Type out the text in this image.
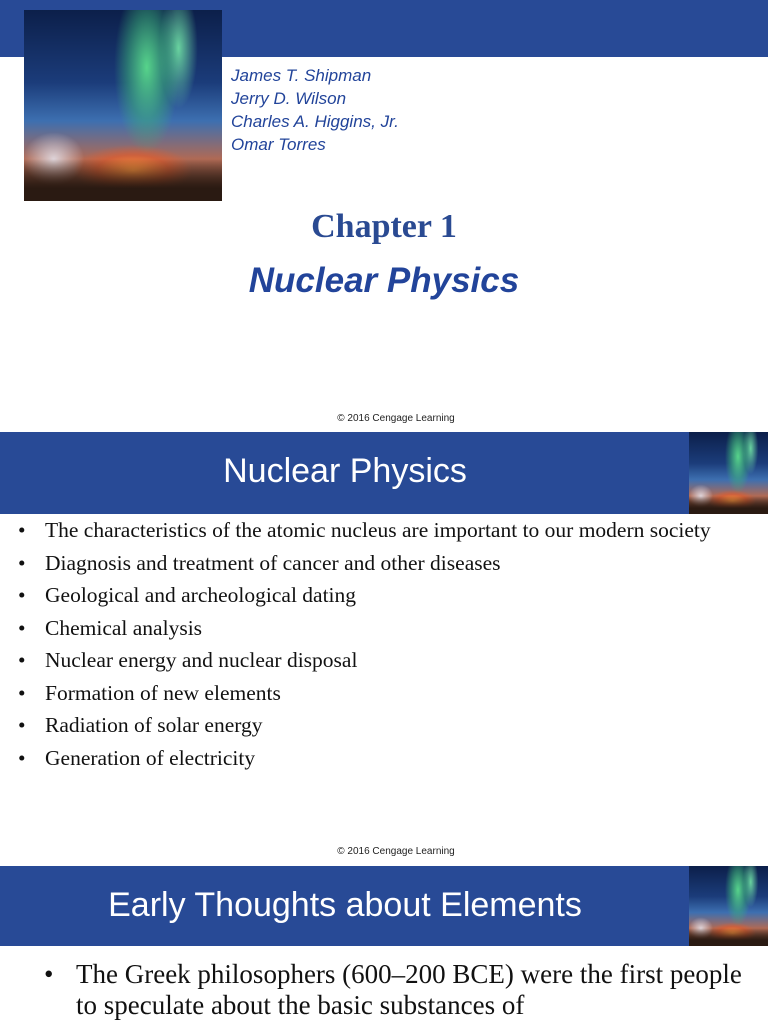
James T. Shipman
Jerry D. Wilson
Charles A. Higgins, Jr.
Omar Torres
Chapter 1
Nuclear Physics
© 2016 Cengage Learning
Nuclear Physics
• The characteristics of the atomic nucleus are important to our modern society
• Diagnosis and treatment of cancer and other diseases
• Geological and archeological dating
• Chemical analysis
• Nuclear energy and nuclear disposal
• Formation of new elements
• Radiation of solar energy
• Generation of electricity
© 2016 Cengage Learning
Early Thoughts about Elements
• The Greek philosophers (600–200 BCE) were the first people to speculate about the basic substances of
